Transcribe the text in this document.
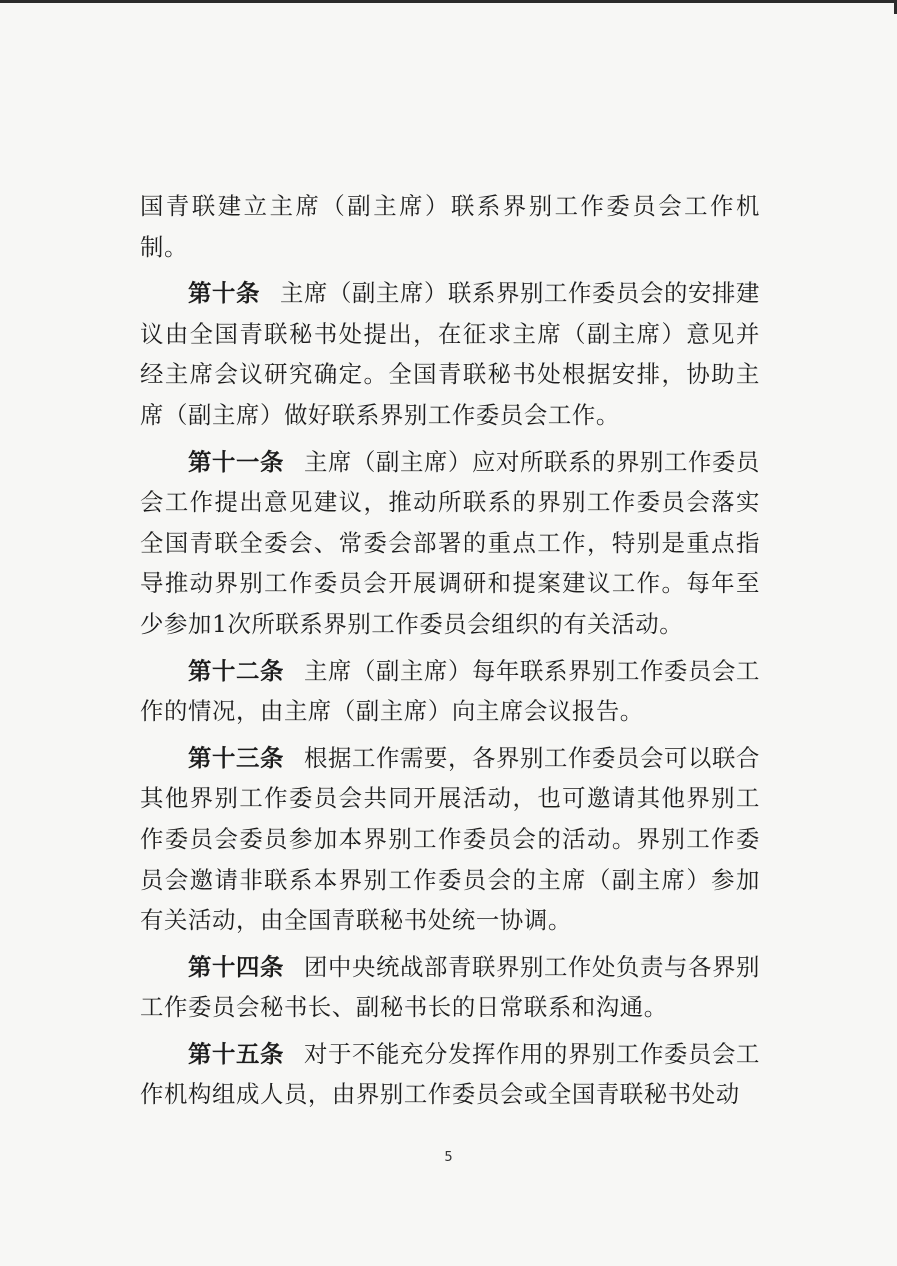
国青联建立主席（副主席）联系界别工作委员会工作机制。

第十条 主席（副主席）联系界别工作委员会的安排建议由全国青联秘书处提出，在征求主席（副主席）意见并经主席会议研究确定。全国青联秘书处根据安排，协助主席（副主席）做好联系界别工作委员会工作。

第十一条 主席（副主席）应对所联系的界别工作委员会工作提出意见建议，推动所联系的界别工作委员会落实全国青联全委会、常委会部署的重点工作，特别是重点指导推动界别工作委员会开展调研和提案建议工作。每年至少参加1次所联系界别工作委员会组织的有关活动。

第十二条 主席（副主席）每年联系界别工作委员会工作的情况，由主席（副主席）向主席会议报告。

第十三条 根据工作需要，各界别工作委员会可以联合其他界别工作委员会共同开展活动，也可邀请其他界别工作委员会委员参加本界别工作委员会的活动。界别工作委员会邀请非联系本界别工作委员会的主席（副主席）参加有关活动，由全国青联秘书处统一协调。

第十四条 团中央统战部青联界别工作处负责与各界别工作委员会秘书长、副秘书长的日常联系和沟通。

第十五条 对于不能充分发挥作用的界别工作委员会工作机构组成人员，由界别工作委员会或全国青联秘书处动

5
